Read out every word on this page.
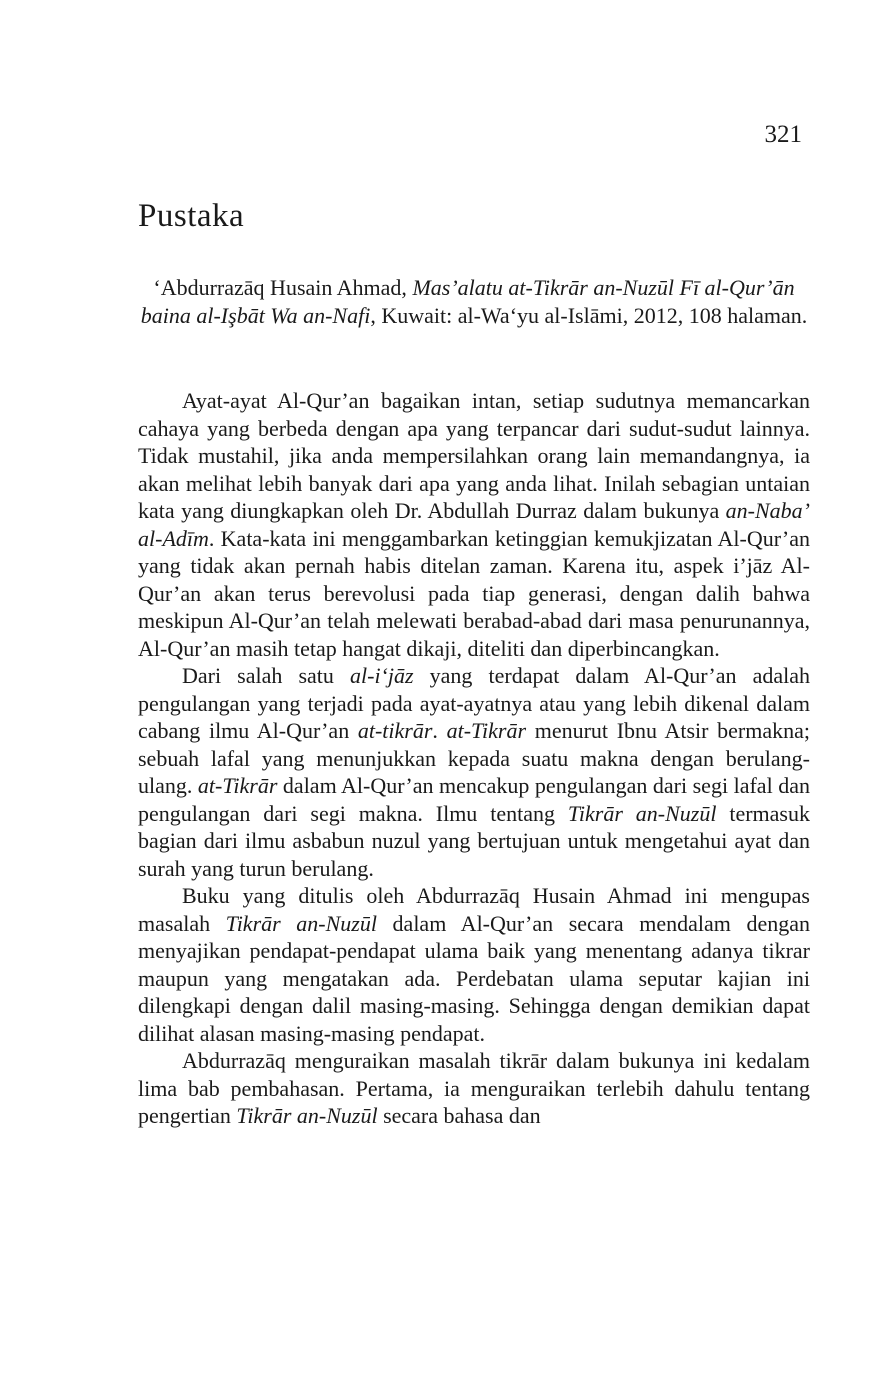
321
Pustaka
‘Abdurrazāq Husain Ahmad, Mas’alatu at-Tikrār an-Nuzūl Fī al-Qur’ān baina al-Işbāt Wa an-Nafi, Kuwait: al-Wa‘yu al-Islāmi, 2012, 108 halaman.

Ayat-ayat Al-Qur’an bagaikan intan, setiap sudutnya memancarkan cahaya yang berbeda dengan apa yang terpancar dari sudut-sudut lainnya. Tidak mustahil, jika anda mempersilahkan orang lain memandangnya, ia akan melihat lebih banyak dari apa yang anda lihat. Inilah sebagian untaian kata yang diungkapkan oleh Dr. Abdullah Durraz dalam bukunya an-Naba’ al-Adīm. Kata-kata ini menggambarkan ketinggian kemukjizatan Al-Qur’an yang tidak akan pernah habis ditelan zaman. Karena itu, aspek i’jāz Al-Qur’an akan terus berevolusi pada tiap generasi, dengan dalih bahwa meskipun Al-Qur’an telah melewati berabad-abad dari masa penurunannya, Al-Qur’an masih tetap hangat dikaji, diteliti dan diperbincangkan.

Dari salah satu al-i‘jāz yang terdapat dalam Al-Qur’an adalah pengulangan yang terjadi pada ayat-ayatnya atau yang lebih dikenal dalam cabang ilmu Al-Qur’an at-tikrār. at-Tikrār menurut Ibnu Atsir bermakna; sebuah lafal yang menunjukkan kepada suatu makna dengan berulang-ulang. at-Tikrār dalam Al-Qur’an mencakup pengulangan dari segi lafal dan pengulangan dari segi makna. Ilmu tentang Tikrār an-Nuzūl termasuk bagian dari ilmu asbabun nuzul yang bertujuan untuk mengetahui ayat dan surah yang turun berulang.

Buku yang ditulis oleh Abdurrazāq Husain Ahmad ini mengupas masalah Tikrār an-Nuzūl dalam Al-Qur’an secara mendalam dengan menyajikan pendapat-pendapat ulama baik yang menentang adanya tikrar maupun yang mengatakan ada. Perdebatan ulama seputar kajian ini dilengkapi dengan dalil masing-masing. Sehingga dengan demikian dapat dilihat alasan masing-masing pendapat.

Abdurrazāq menguraikan masalah tikrār dalam bukunya ini kedalam lima bab pembahasan. Pertama, ia menguraikan terlebih dahulu tentang pengertian Tikrār an-Nuzūl secara bahasa dan
